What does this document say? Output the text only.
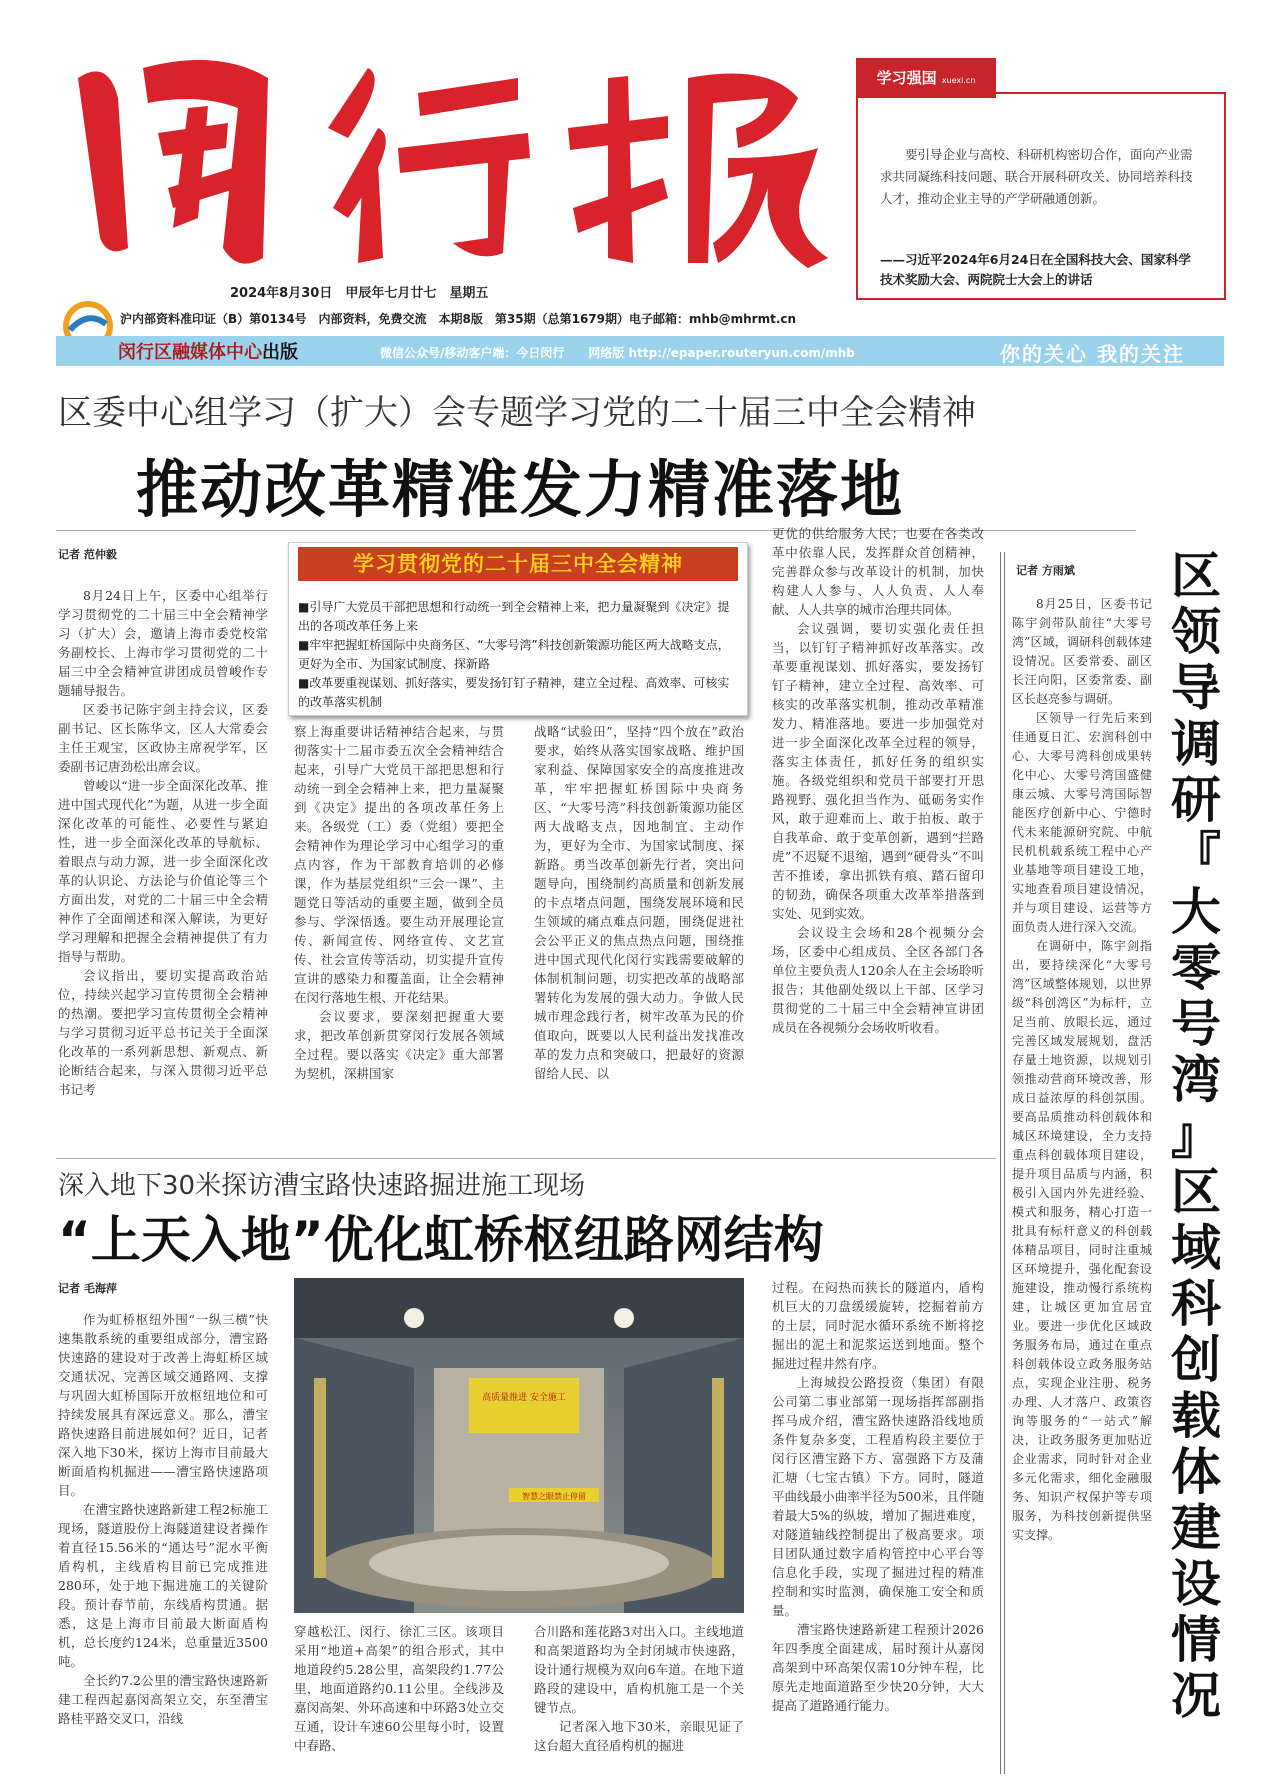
2024年8月30日　甲辰年七月廿七　星期五
沪内部资料准印证（B）第0134号　内部资料，免费交流　本期8版　第35期（总第1679期）电子邮箱：mhb@mhrmt.cn
闵行区融媒体中心出版	微信公众号/移动客户端：今日闵行　　网络版 http://epaper.routeryun.com/mhb	你的关心 我的关注
学习强国 xuexi.cn
要引导企业与高校、科研机构密切合作，面向产业需求共同凝练科技问题、联合开展科研攻关、协同培养科技人才，推动企业主导的产学研融通创新。
——习近平2024年6月24日在全国科技大会、国家科学技术奖励大会、两院院士大会上的讲话
区委中心组学习（扩大）会专题学习党的二十届三中全会精神
推动改革精准发力精准落地
记者 范仲毅

8月24日上午，区委中心组举行学习贯彻党的二十届三中全会精神学习（扩大）会，邀请上海市委党校常务副校长、上海市学习贯彻党的二十届三中全会精神宣讲团成员曾峻作专题辅导报告。

区委书记陈宇剑主持会议，区委副书记、区长陈华文，区人大常委会主任王观宝，区政协主席祝学军，区委副书记唐劲松出席会议。

曾峻以“进一步全面深化改革、推进中国式现代化”为题，从进一步全面深化改革的可能性、必要性与紧迫性，进一步全面深化改革的导航标、着眼点与动力源，进一步全面深化改革的认识论、方法论与价值论等三个方面出发，对党的二十届三中全会精神作了全面阐述和深入解读，为更好学习理解和把握全会精神提供了有力指导与帮助。

会议指出，要切实提高政治站位，持续兴起学习宣传贯彻全会精神的热潮。要把学习宣传贯彻全会精神与学习贯彻习近平总书记关于全面深化改革的一系列新思想、新观点、新论断结合起来，与深入贯彻习近平总书记考

学习贯彻党的二十届三中全会精神
■引导广大党员干部把思想和行动统一到全会精神上来，把力量凝聚到《决定》提出的各项改革任务上来
■牢牢把握虹桥国际中央商务区、“大零号湾”科技创新策源功能区两大战略支点，更好为全市、为国家试制度、探新路
■改革要重视谋划、抓好落实，要发扬钉钉子精神，建立全过程、高效率、可核实的改革落实机制

察上海重要讲话精神结合起来，与贯彻落实十二届市委五次全会精神结合起来，引导广大党员干部把思想和行动统一到全会精神上来，把力量凝聚到《决定》提出的各项改革任务上来。各级党（工）委（党组）要把全会精神作为理论学习中心组学习的重点内容，作为干部教育培训的必修课，作为基层党组织“三会一课”、主题党日等活动的重要主题，做到全员参与、学深悟透。要生动开展理论宣传、新闻宣传、网络宣传、文艺宣传、社会宣传等活动，切实提升宣传宣讲的感染力和覆盖面，让全会精神在闵行落地生根、开花结果。

会议要求，要深刻把握重大要求，把改革创新贯穿闵行发展各领域全过程。要以落实《决定》重大部署为契机，深耕国家

战略“试验田”，坚持“四个放在”政治要求，始终从落实国家战略、维护国家利益、保障国家安全的高度推进改革，牢牢把握虹桥国际中央商务区、“大零号湾”科技创新策源功能区两大战略支点，因地制宜、主动作为，更好为全市、为国家试制度、探新路。勇当改革创新先行者，突出问题导向，围绕制约高质量和创新发展的卡点堵点问题，围绕发展环境和民生领域的痛点难点问题，围绕促进社会公平正义的焦点热点问题，围绕推进中国式现代化闵行实践需要破解的体制机制问题，切实把改革的战略部署转化为发展的强大动力。争做人民城市理念践行者，树牢改革为民的价值取向，既要以人民利益出发找准改革的发力点和突破口，把最好的资源留给人民、以

更优的供给服务人民；也要在各类改革中依靠人民，发挥群众首创精神，完善群众参与改革设计的机制，加快构建人人参与、人人负责、人人奉献、人人共享的城市治理共同体。

会议强调，要切实强化责任担当，以钉钉子精神抓好改革落实。改革要重视谋划、抓好落实，要发扬钉钉子精神，建立全过程、高效率、可核实的改革落实机制，推动改革精准发力、精准落地。要进一步加强党对进一步全面深化改革全过程的领导，落实主体责任，抓好任务的组织实施。各级党组织和党员干部要打开思路视野、强化担当作为、砥砺务实作风，敢于迎难而上、敢于拍板、敢于自我革命、敢于变革创新，遇到“拦路虎”不迟疑不退缩，遇到“硬骨头”不叫苦不推诿，拿出抓铁有痕、踏石留印的韧劲，确保各项重大改革举措落到实处、见到实效。

会议设主会场和28个视频分会场，区委中心组成员、全区各部门各单位主要负责人120余人在主会场聆听报告；其他副处级以上干部、区学习贯彻党的二十届三中全会精神宣讲团成员在各视频分会场收听收看。

记者 方雨斌

8月25日，区委书记陈宇剑带队前往“大零号湾”区域，调研科创载体建设情况。区委常委、副区长汪向阳，区委常委、副区长赵亮参与调研。

区领导一行先后来到佳通夏日汇、宏润科创中心、大零号湾科创成果转化中心、大零号湾国盛健康云城、大零号湾国际智能医疗创新中心、宁德时代未来能源研究院、中航民机机载系统工程中心产业基地等项目建设工地，实地查看项目建设情况，并与项目建设、运营等方面负责人进行深入交流。

在调研中，陈宇剑指出，要持续深化“大零号湾”区域整体规划，以世界级“科创湾区”为标杆，立足当前、放眼长远，通过完善区域发展规划，盘活存量土地资源，以规划引领推动营商环境改善，形成日益浓厚的科创氛围。要高品质推动科创载体和城区环境建设，全力支持重点科创载体项目建设，提升项目品质与内涵，积极引入国内外先进经验、模式和服务，精心打造一批具有标杆意义的科创载体精品项目，同时注重城区环境提升，强化配套设施建设，推动慢行系统构建，让城区更加宜居宜业。要进一步优化区域政务服务布局，通过在重点科创载体设立政务服务站点，实现企业注册、税务办理、人才落户、政策咨询等服务的“一站式”解决，让政务服务更加贴近企业需求，同时针对企业多元化需求，细化金融服务、知识产权保护等专项服务，为科技创新提供坚实支撑。

区
领
导
调
研
『
大
零
号
湾
』
区
域
科
创
载
体
建
设
情
况
深入地下30米探访漕宝路快速路掘进施工现场
“上天入地”优化虹桥枢纽路网结构
记者 毛海萍

作为虹桥枢纽外围“一纵三横”快速集散系统的重要组成部分，漕宝路快速路的建设对于改善上海虹桥区域交通状况、完善区域交通路网、支撑与巩固大虹桥国际开放枢纽地位和可持续发展具有深远意义。那么，漕宝路快速路目前进展如何？近日，记者深入地下30米，探访上海市目前最大断面盾构机掘进——漕宝路快速路项目。

在漕宝路快速路新建工程2标施工现场，隧道股份上海隧道建设者操作着直径15.56米的“通达号”泥水平衡盾构机，主线盾构目前已完成推进280环，处于地下掘进施工的关键阶段。预计春节前，东线盾构贯通。据悉，这是上海市目前最大断面盾构机，总长度约124米，总重量近3500吨。

全长约7.2公里的漕宝路快速路新建工程西起嘉闵高架立交，东至漕宝路桂平路交叉口，沿线

高质量推进 安全施工
智慧之眼禁止停留

穿越松江、闵行、徐汇三区。该项目采用“地道+高架”的组合形式，其中地道段约5.28公里，高架段约1.77公里，地面道路约0.11公里。全线涉及嘉闵高架、外环高速和中环路3处立交互通，设计车速60公里每小时，设置中春路、

合川路和莲花路3对出入口。主线地道和高架道路均为全封闭城市快速路，设计通行规模为双向6车道。在地下道路段的建设中，盾构机施工是一个关键节点。

记者深入地下30米，亲眼见证了这台超大直径盾构机的掘进

过程。在闷热而狭长的隧道内，盾构机巨大的刀盘缓缓旋转，挖掘着前方的土层，同时泥水循环系统不断将挖掘出的泥土和泥浆运送到地面。整个掘进过程井然有序。

上海城投公路投资（集团）有限公司第二事业部第一现场指挥部副指挥马成介绍，漕宝路快速路沿线地质条件复杂多变，工程盾构段主要位于闵行区漕宝路下方、富强路下方及蒲汇塘（七宝古镇）下方。同时，隧道平曲线最小曲率半径为500米，且伴随着最大5%的纵坡，增加了掘进难度，对隧道轴线控制提出了极高要求。项目团队通过数字盾构管控中心平台等信息化手段，实现了掘进过程的精准控制和实时监测，确保施工安全和质量。

漕宝路快速路新建工程预计2026年四季度全面建成，届时预计从嘉闵高架到中环高架仅需10分钟车程，比原先走地面道路至少快20分钟，大大提高了道路通行能力。
